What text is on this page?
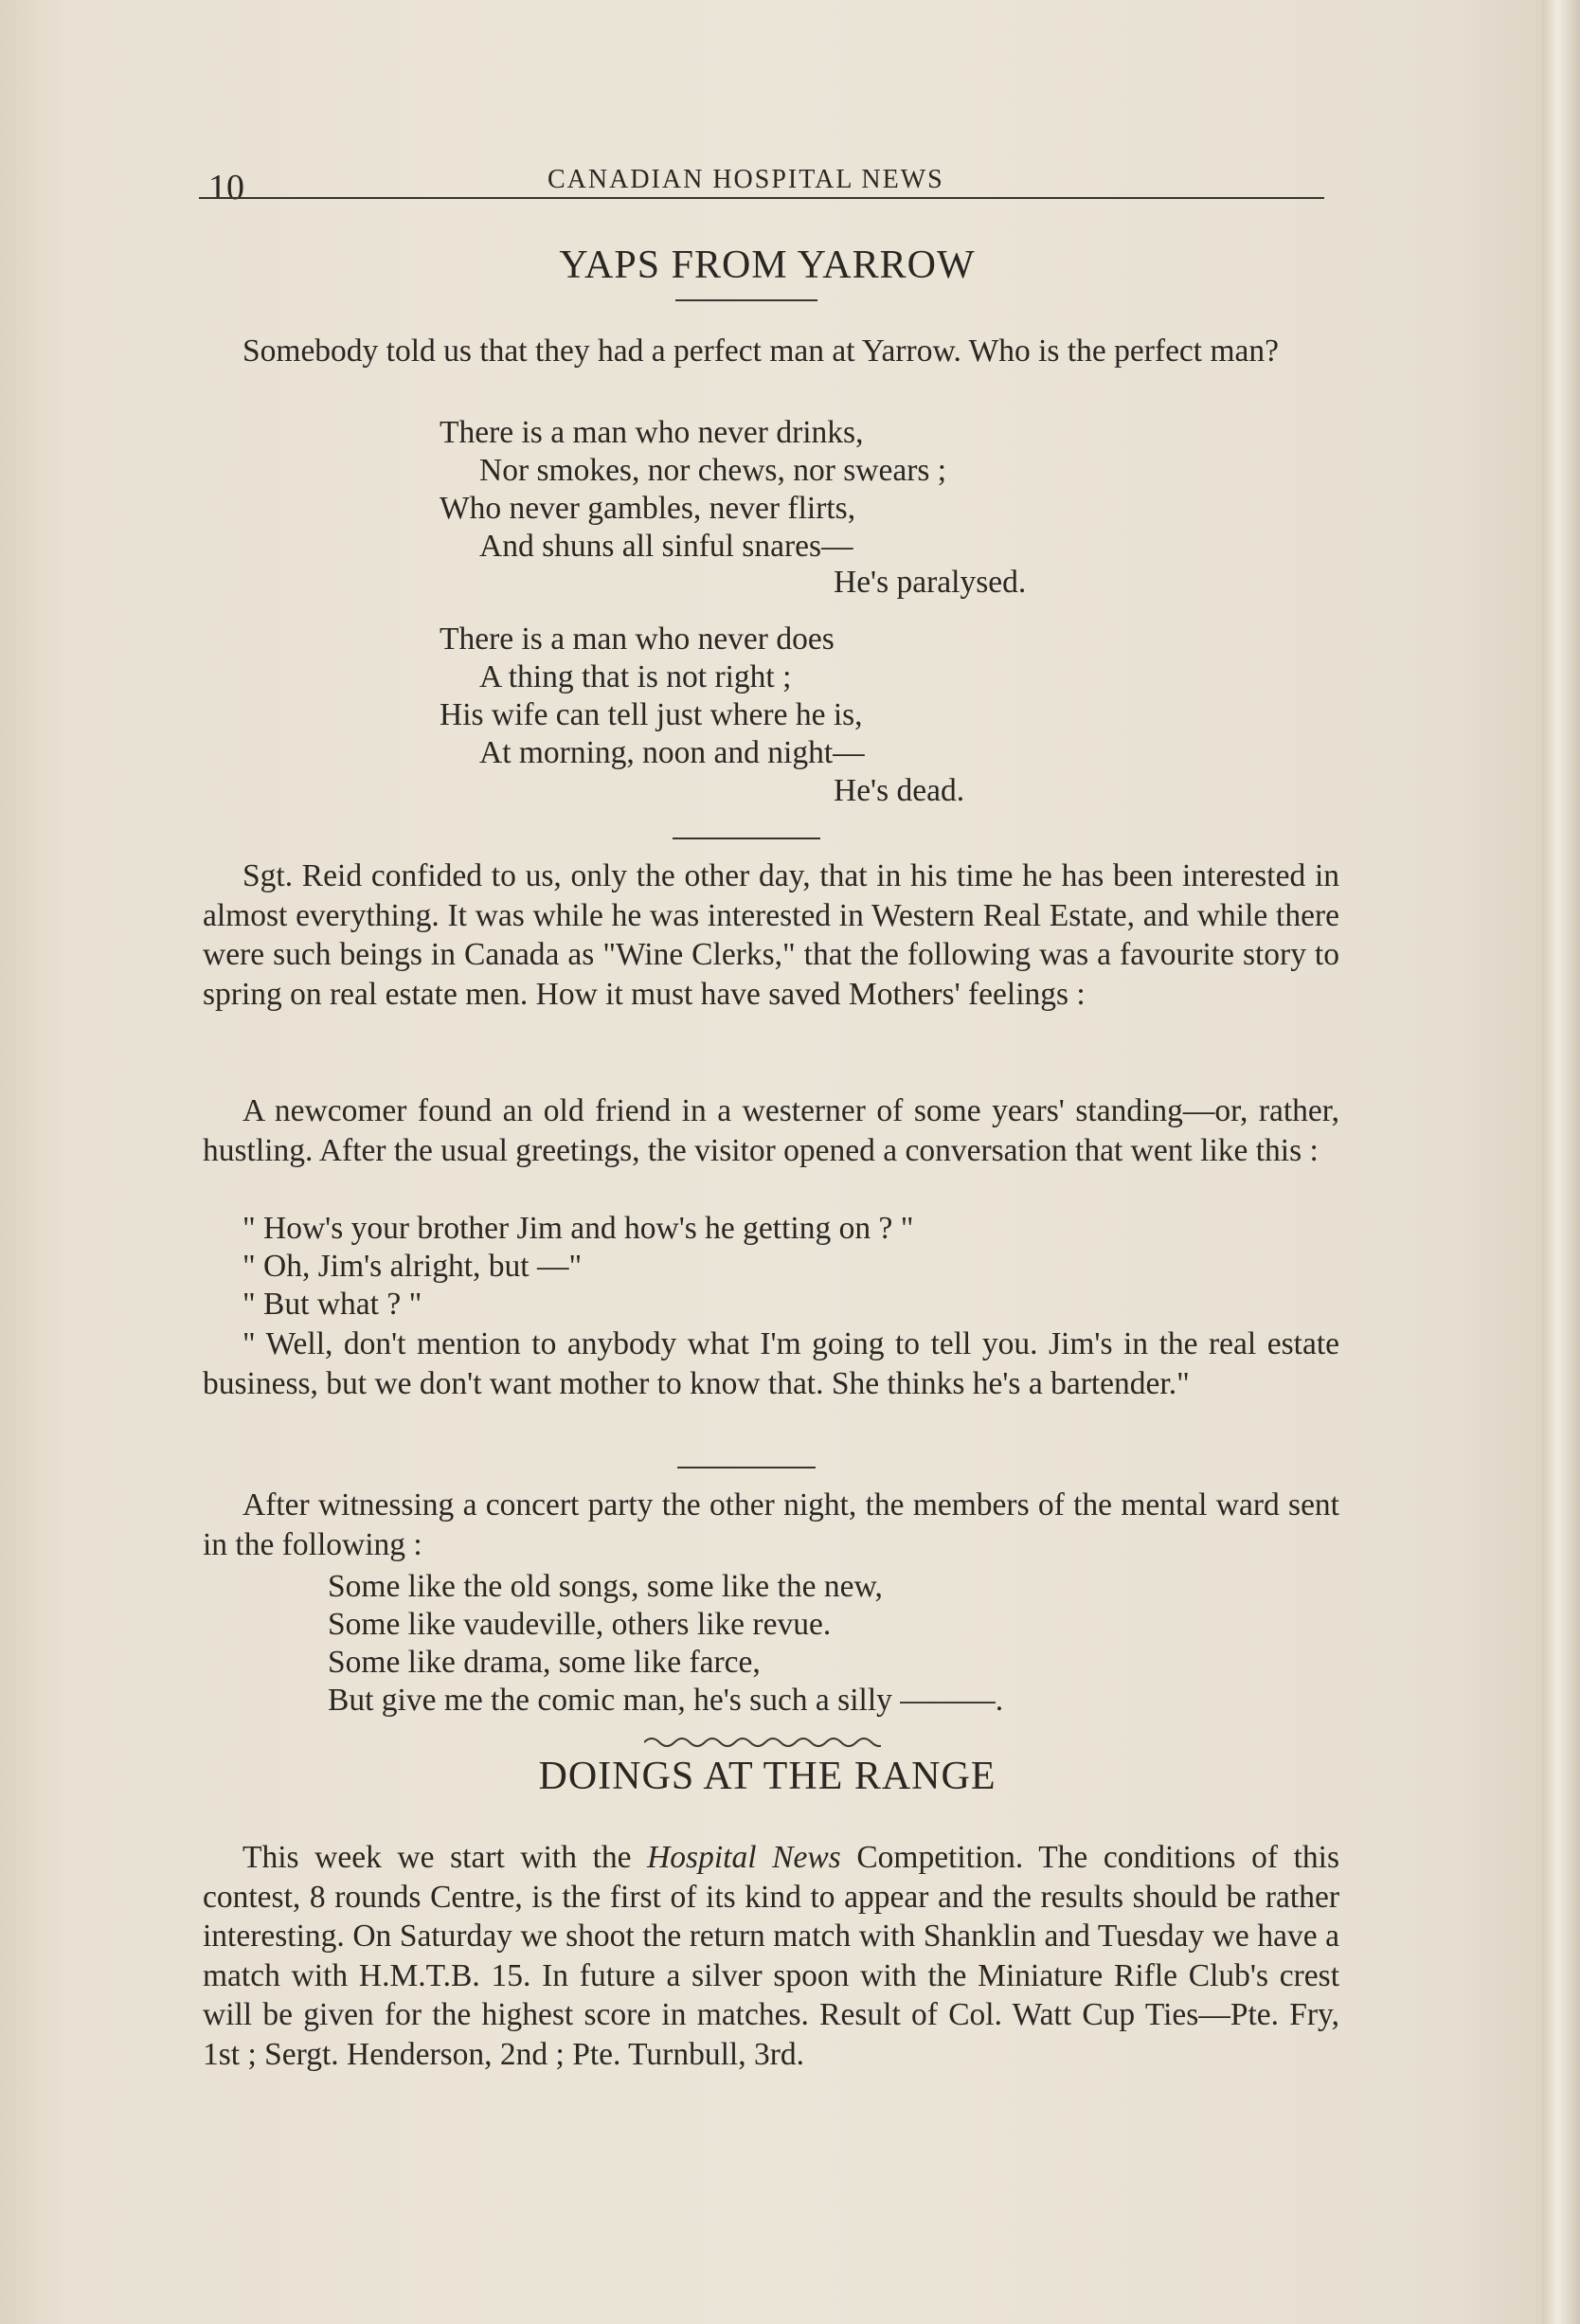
10	CANADIAN HOSPITAL NEWS
YAPS FROM YARROW

Somebody told us that they had a perfect man at Yarrow. Who is the perfect man?

There is a man who never drinks,
Nor smokes, nor chews, nor swears ;
Who never gambles, never flirts,
And shuns all sinful snares—
He's paralysed.
There is a man who never does
A thing that is not right ;
His wife can tell just where he is,
At morning, noon and night—
He's dead.

Sgt. Reid confided to us, only the other day, that in his time he has been interested in almost everything. It was while he was interested in Western Real Estate, and while there were such beings in Canada as "Wine Clerks," that the following was a favourite story to spring on real estate men. How it must have saved Mothers' feelings :

A newcomer found an old friend in a westerner of some years' standing—or, rather, hustling. After the usual greetings, the visitor opened a conversation that went like this :

" How's your brother Jim and how's he getting on ? "
" Oh, Jim's alright, but —"
" But what ? "

" Well, don't mention to anybody what I'm going to tell you. Jim's in the real estate business, but we don't want mother to know that. She thinks he's a bartender."

After witnessing a concert party the other night, the members of the mental ward sent in the following :

Some like the old songs, some like the new,
Some like vaudeville, others like revue.
Some like drama, some like farce,
But give me the comic man, he's such a silly ———.
DOINGS AT THE RANGE

This week we start with the Hospital News Competition. The conditions of this contest, 8 rounds Centre, is the first of its kind to appear and the results should be rather interesting. On Saturday we shoot the return match with Shanklin and Tuesday we have a match with H.M.T.B. 15. In future a silver spoon with the Miniature Rifle Club's crest will be given for the highest score in matches. Result of Col. Watt Cup Ties—Pte. Fry, 1st ; Sergt. Henderson, 2nd ; Pte. Turnbull, 3rd.
